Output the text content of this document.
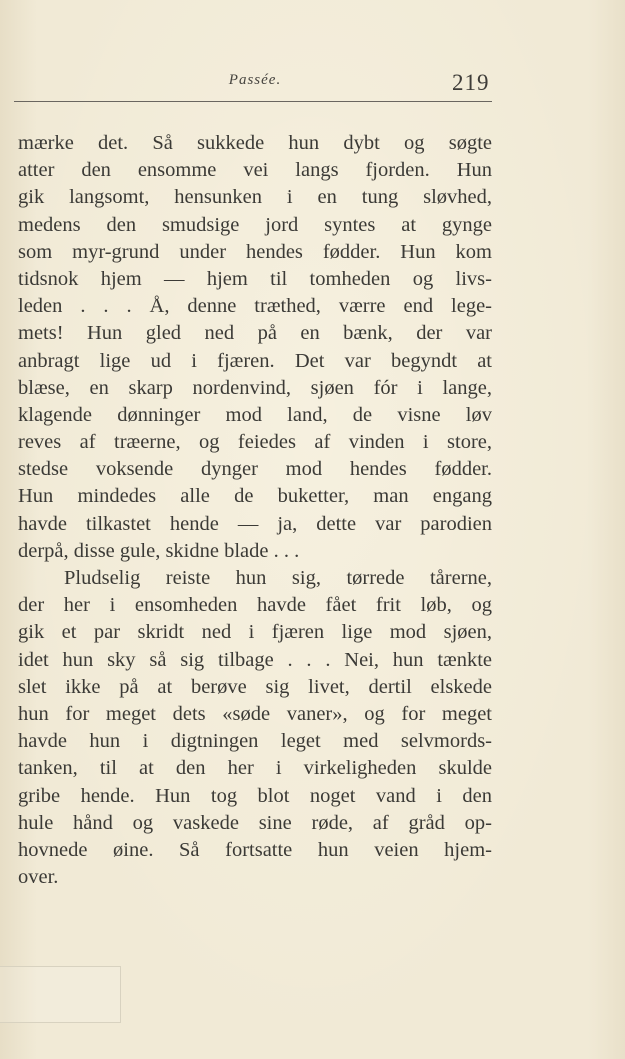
Passée.	219
mærke det. Så sukkede hun dybt og søgte
atter den ensomme vei langs fjorden. Hun
gik langsomt, hensunken i en tung sløvhed,
medens den smudsige jord syntes at gynge
som myr-grund under hendes fødder. Hun kom
tidsnok hjem — hjem til tomheden og livs-
leden . . . Å, denne træthed, værre end lege-
mets! Hun gled ned på en bænk, der var
anbragt lige ud i fjæren. Det var begyndt at
blæse, en skarp nordenvind, sjøen fór i lange,
klagende dønninger mod land, de visne løv
reves af træerne, og feiedes af vinden i store,
stedse voksende dynger mod hendes fødder.
Hun mindedes alle de buketter, man engang
havde tilkastet hende — ja, dette var parodien
derpå, disse gule, skidne blade . . .
Pludselig reiste hun sig, tørrede tårerne,
der her i ensomheden havde fået frit løb, og
gik et par skridt ned i fjæren lige mod sjøen,
idet hun sky så sig tilbage . . . Nei, hun tænkte
slet ikke på at berøve sig livet, dertil elskede
hun for meget dets «søde vaner», og for meget
havde hun i digtningen leget med selvmords-
tanken, til at den her i virkeligheden skulde
gribe hende. Hun tog blot noget vand i den
hule hånd og vaskede sine røde, af gråd op-
hovnede øine. Så fortsatte hun veien hjem-
over.
